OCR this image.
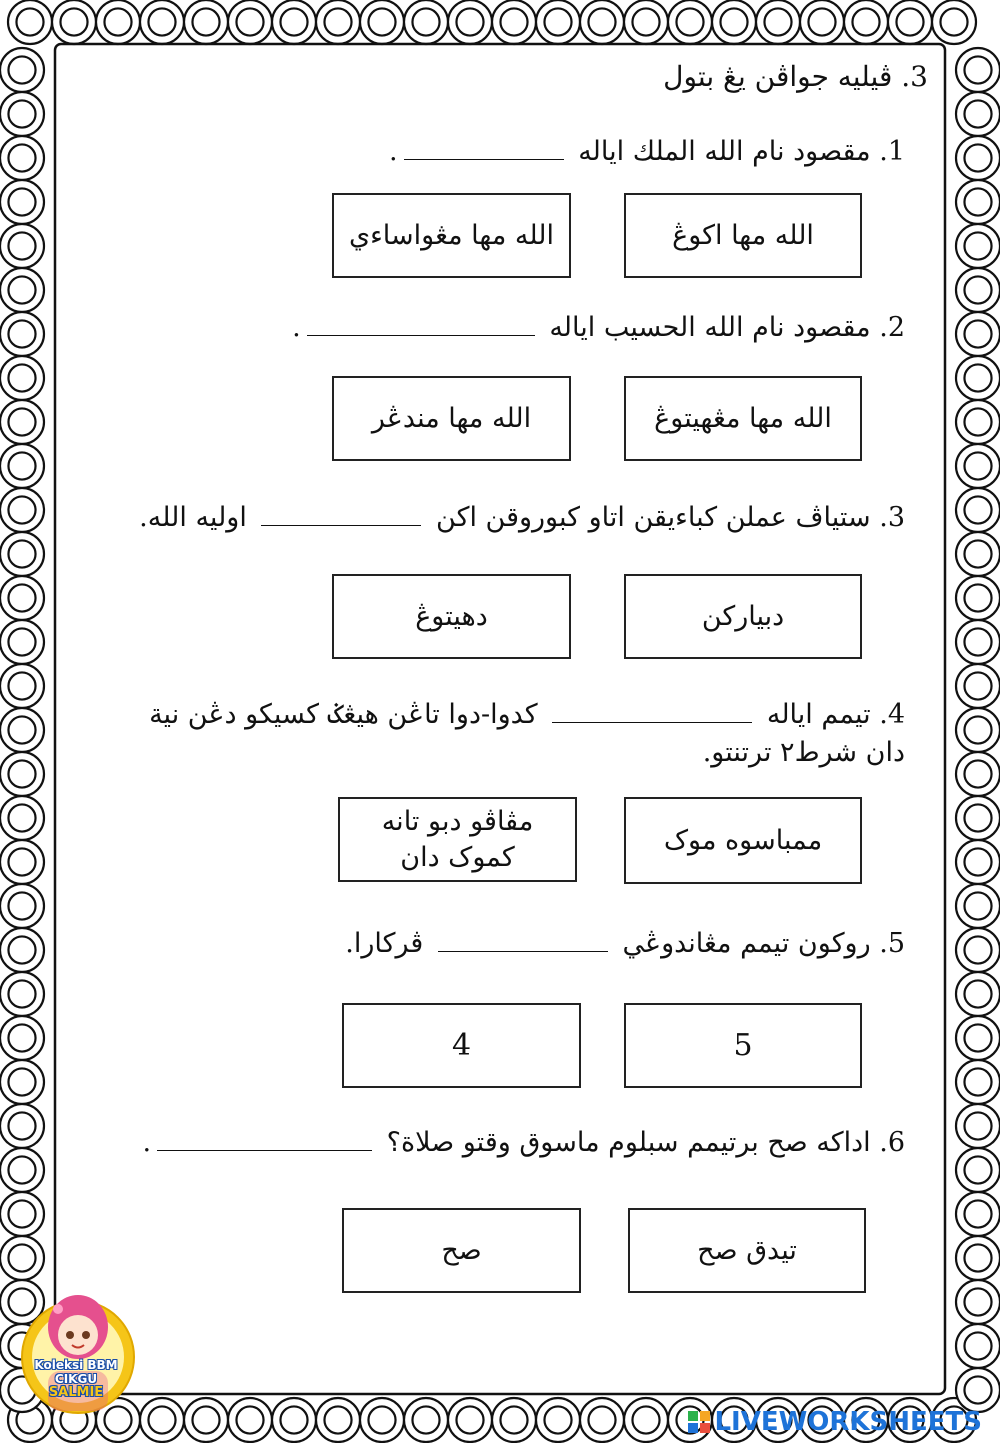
3. ڤيليه جواڤن يڠ بتول
1. مقصود نام الله الملك اياله .
الله مها اکوڠ
الله مها مڠواساءي
2. مقصود نام الله الحسيب اياله .
الله مها مڠهيتوڠ
الله مها مندڠر
3. ستياڤ عملن كباءيقن اتاو كبوروقن اكن  اوليه الله.
دبيارکن
دهيتوڠ
4. تيمم اياله  كدوا-دوا تاڠن هيڠݢ كسيكو دڠن نية دان شرط٢ ترتنتو.
ممباسوه موک
مڤاڤو دبو تانه کموک دان
5. روکون تيمم مڠاندوڠي  ڤرکارا.
5
4
6. اداکه صح برتيمم سبلوم ماسوق وقتو صلاة؟ .
تيدق صح
صح
Koleksi BBM
CIKGU
SALMIE
LIVEWORKSHEETS
